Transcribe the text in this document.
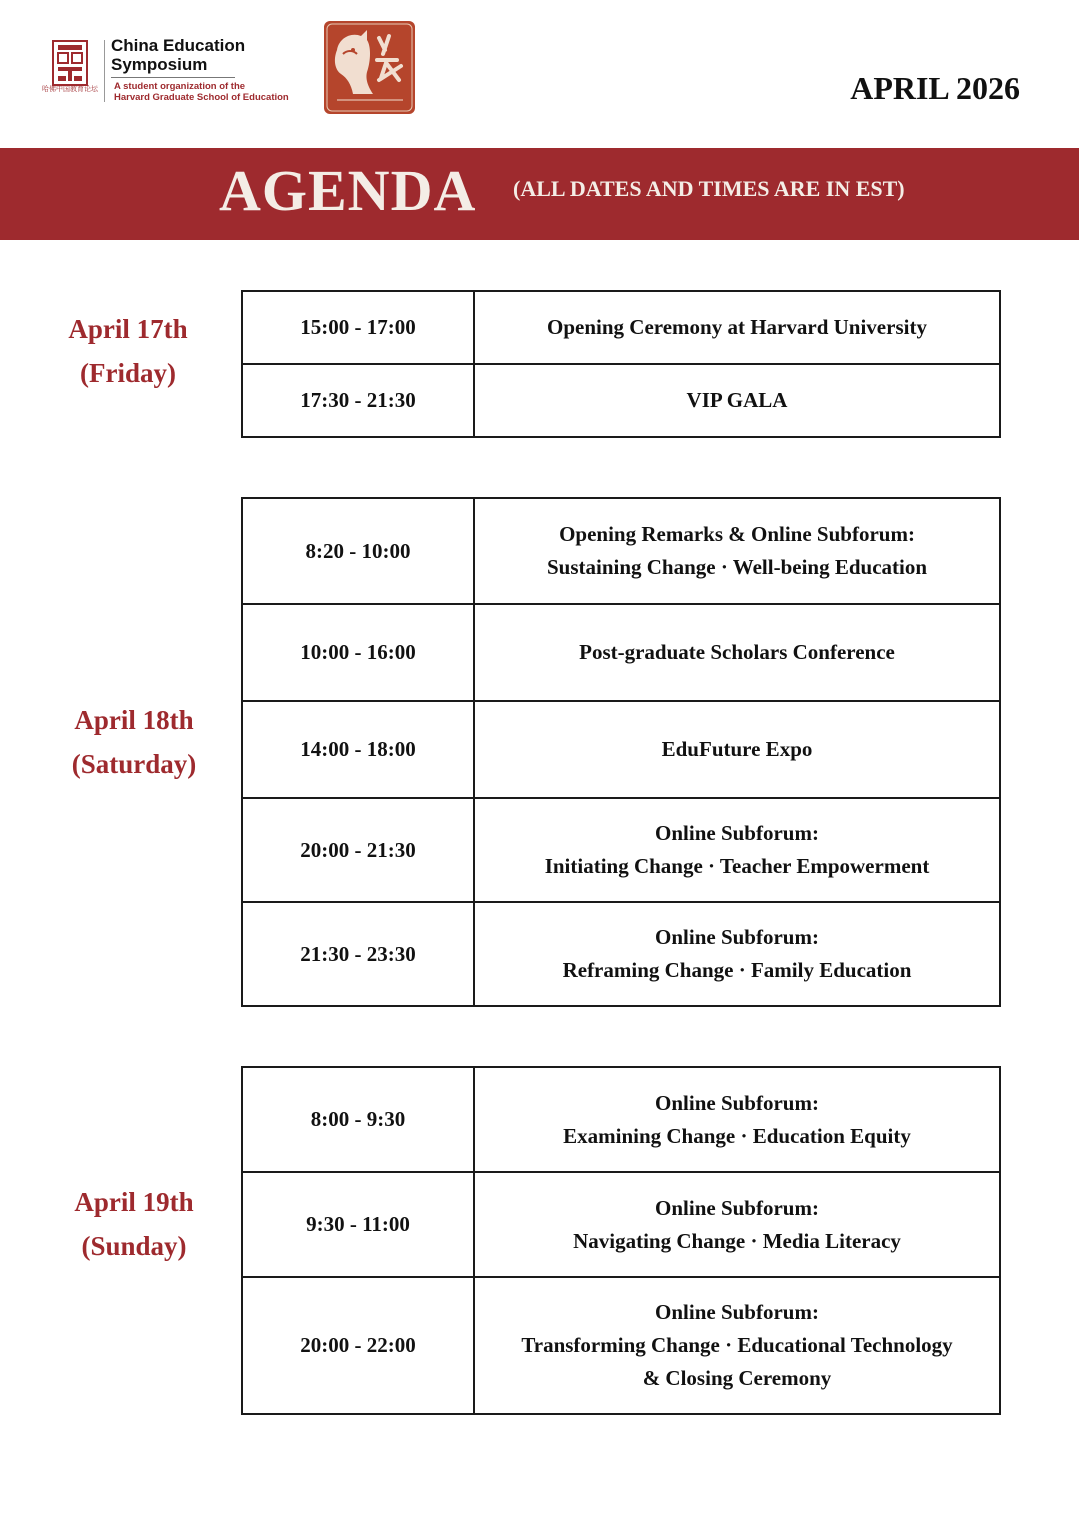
哈佛中国教育论坛
China Education Symposium
A student organization of the
Harvard Graduate School of Education	APRIL 2026
AGENDA (ALL DATES AND TIMES ARE IN EST)
April 17th
(Friday)
15:00 - 17:00	Opening Ceremony at Harvard University

17:30 - 21:30	VIP GALA
April 18th
(Saturday)
8:20 - 10:00	Opening Remarks & Online Subforum:
Sustaining Change · Well-being Education

10:00 - 16:00	Post-graduate Scholars Conference

14:00 - 18:00	EduFuture Expo

20:00 - 21:30	Online Subforum:
Initiating Change · Teacher Empowerment

21:30 - 23:30	Online Subforum:
Reframing Change · Family Education
April 19th
(Sunday)
8:00 - 9:30	Online Subforum:
Examining Change · Education Equity

9:30 - 11:00	Online Subforum:
Navigating Change · Media Literacy

20:00 - 22:00	Online Subforum:
Transforming Change · Educational Technology
& Closing Ceremony
